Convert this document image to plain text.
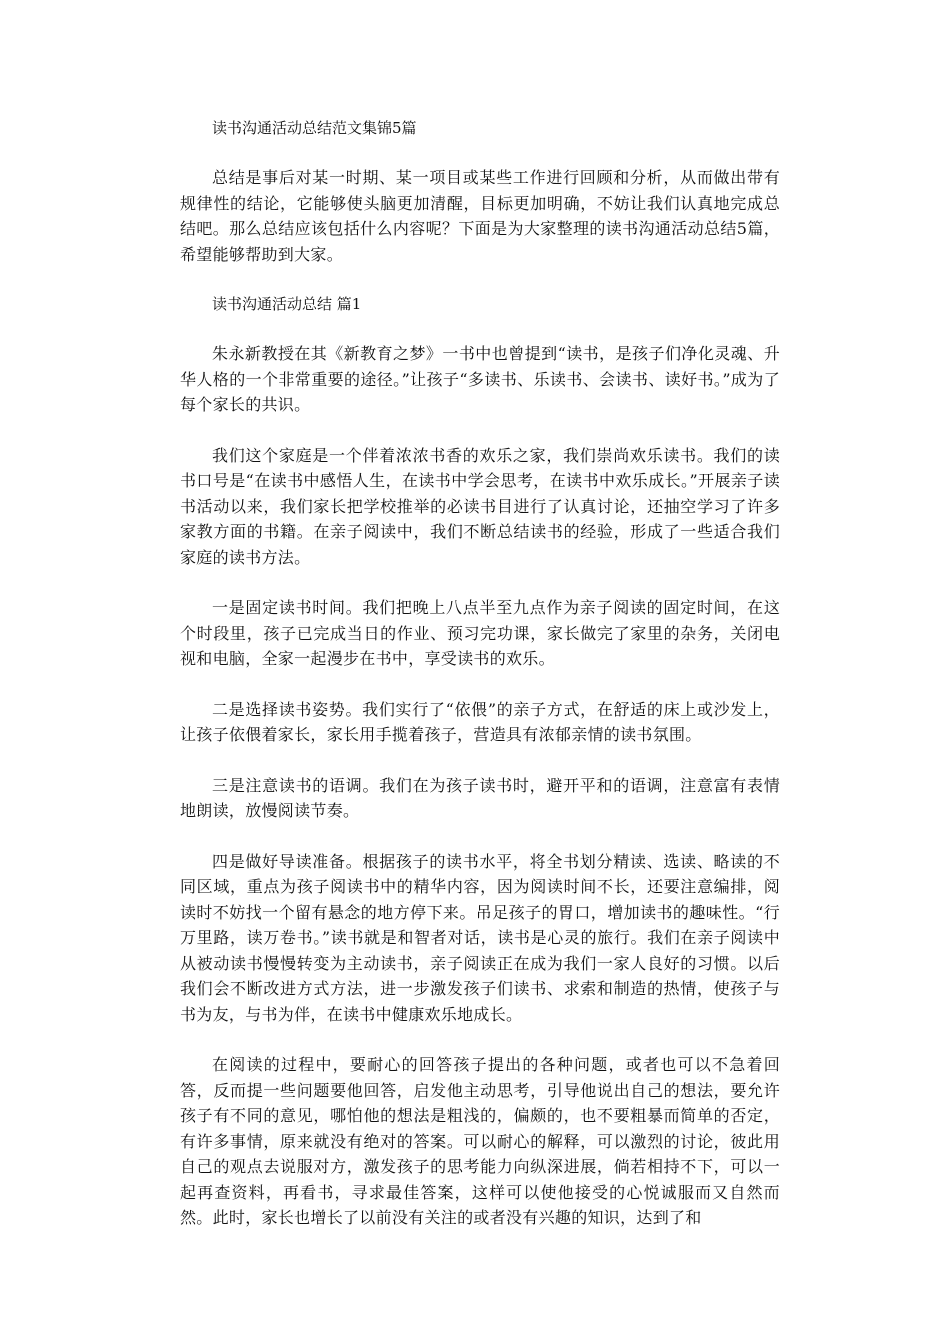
读书沟通活动总结范文集锦5篇

总结是事后对某一时期、某一项目或某些工作进行回顾和分析，从而做出带有规律性的结论，它能够使头脑更加清醒，目标更加明确，不妨让我们认真地完成总结吧。那么总结应该包括什么内容呢？下面是为大家整理的读书沟通活动总结5篇，希望能够帮助到大家。

读书沟通活动总结 篇1

朱永新教授在其《新教育之梦》一书中也曾提到“读书，是孩子们净化灵魂、升华人格的一个非常重要的途径。”让孩子“多读书、乐读书、会读书、读好书。”成为了每个家长的共识。

我们这个家庭是一个伴着浓浓书香的欢乐之家，我们崇尚欢乐读书。我们的读书口号是“在读书中感悟人生，在读书中学会思考，在读书中欢乐成长。”开展亲子读书活动以来，我们家长把学校推举的必读书目进行了认真讨论，还抽空学习了许多家教方面的书籍。在亲子阅读中，我们不断总结读书的经验，形成了一些适合我们家庭的读书方法。

一是固定读书时间。我们把晚上八点半至九点作为亲子阅读的固定时间，在这个时段里，孩子已完成当日的作业、预习完功课，家长做完了家里的杂务，关闭电视和电脑，全家一起漫步在书中，享受读书的欢乐。

二是选择读书姿势。我们实行了“依偎”的亲子方式，在舒适的床上或沙发上，让孩子依偎着家长，家长用手揽着孩子，营造具有浓郁亲情的读书氛围。

三是注意读书的语调。我们在为孩子读书时，避开平和的语调，注意富有表情地朗读，放慢阅读节奏。

四是做好导读准备。根据孩子的读书水平，将全书划分精读、选读、略读的不同区域，重点为孩子阅读书中的精华内容，因为阅读时间不长，还要注意编排，阅读时不妨找一个留有悬念的地方停下来。吊足孩子的胃口，增加读书的趣味性。“行万里路，读万卷书。”读书就是和智者对话，读书是心灵的旅行。我们在亲子阅读中从被动读书慢慢转变为主动读书，亲子阅读正在成为我们一家人良好的习惯。以后我们会不断改进方式方法，进一步激发孩子们读书、求索和制造的热情，使孩子与书为友，与书为伴，在读书中健康欢乐地成长。

在阅读的过程中，要耐心的回答孩子提出的各种问题，或者也可以不急着回答，反而提一些问题要他回答，启发他主动思考，引导他说出自己的想法，要允许孩子有不同的意见，哪怕他的想法是粗浅的，偏颇的，也不要粗暴而简单的否定，有许多事情，原来就没有绝对的答案。可以耐心的解释，可以激烈的讨论，彼此用自己的观点去说服对方，激发孩子的思考能力向纵深进展，倘若相持不下，可以一起再查资料，再看书，寻求最佳答案，这样可以使他接受的心悦诚服而又自然而然。此时，家长也增长了以前没有关注的或者没有兴趣的知识，达到了和
